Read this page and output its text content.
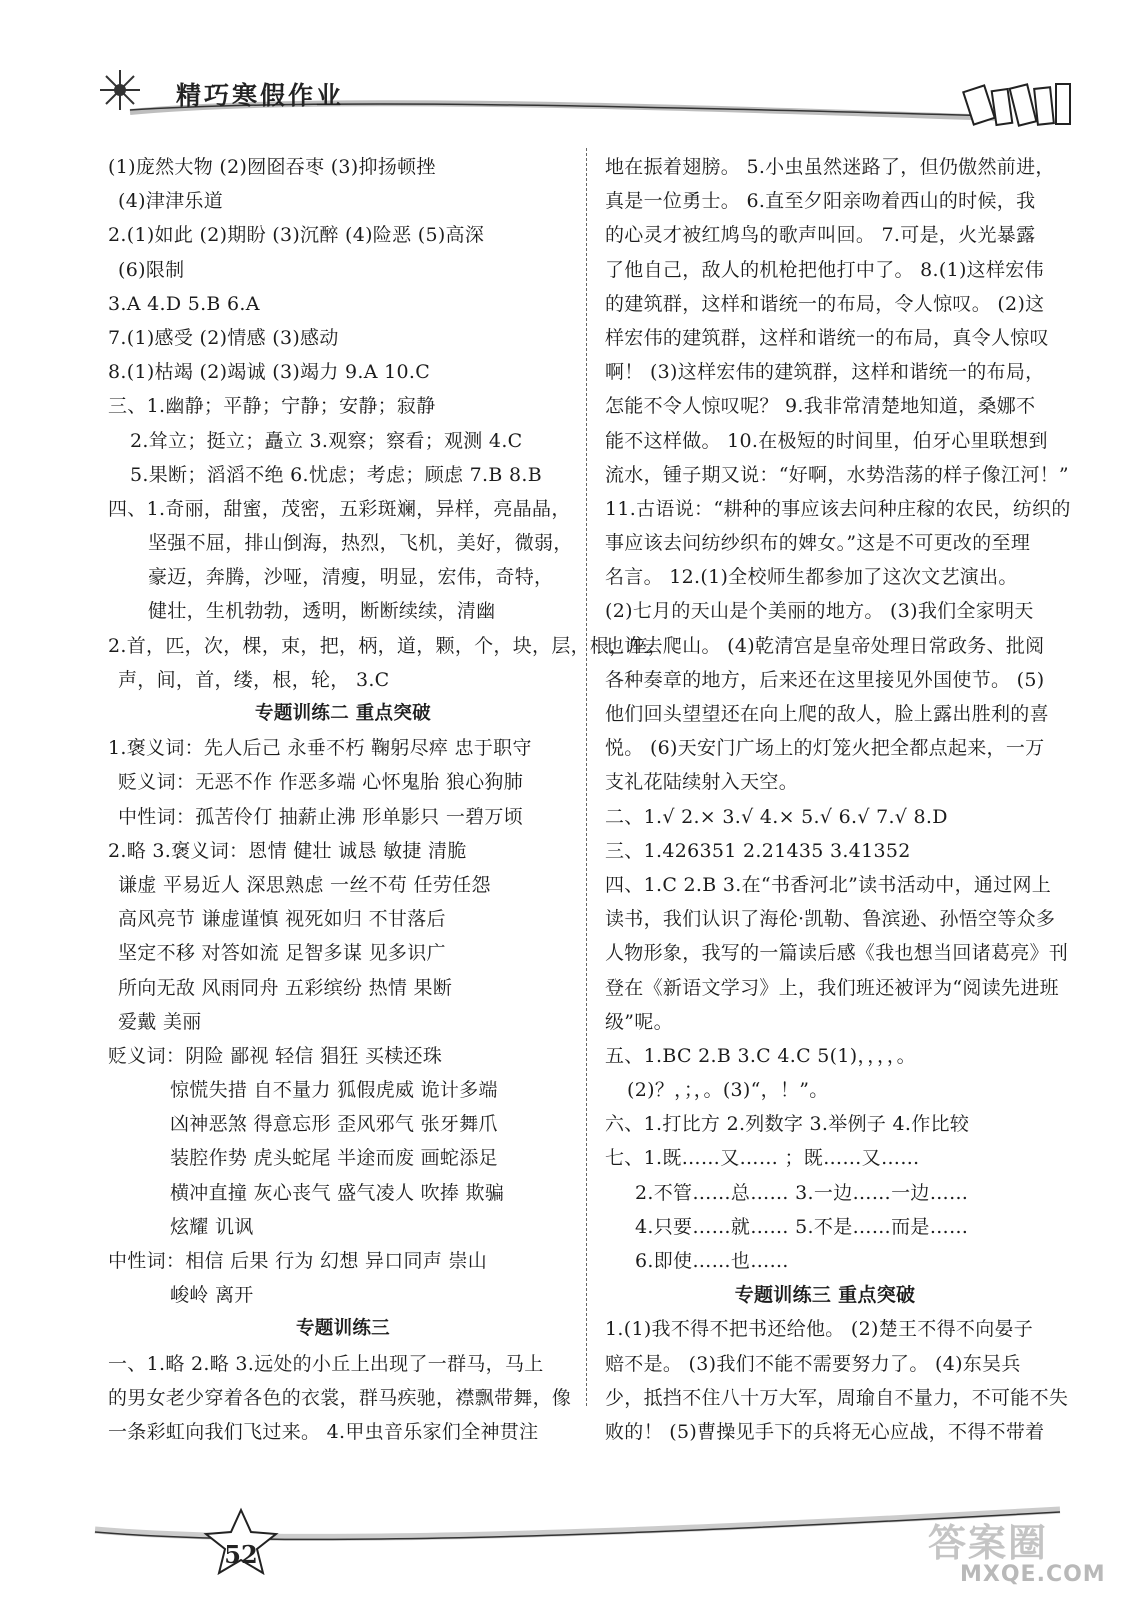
精巧寒假作业
(1)庞然大物 (2)囫囵吞枣 (3)抑扬顿挫
(4)津津乐道
2.(1)如此 (2)期盼 (3)沉醉 (4)险恶 (5)高深
(6)限制
3.A 4.D 5.B 6.A
7.(1)感受 (2)情感 (3)感动
8.(1)枯竭 (2)竭诚 (3)竭力 9.A 10.C
三、1.幽静；平静；宁静；安静；寂静
2.耸立；挺立；矗立 3.观察；察看；观测 4.C
5.果断；滔滔不绝 6.忧虑；考虑；顾虑 7.B 8.B
四、1.奇丽，甜蜜，茂密，五彩斑斓，异样，亮晶晶，
坚强不屈，排山倒海，热烈，飞机，美好，微弱，
豪迈，奔腾，沙哑，清瘦，明显，宏伟，奇特，
健壮，生机勃勃，透明，断断续续，清幽
2.首，匹，次，棵，束，把，柄，道，颗，个，块，层，根，座，
声，间，首，缕，根，轮， 3.C
专题训练二 重点突破
1.褒义词：先人后己 永垂不朽 鞠躬尽瘁 忠于职守
贬义词：无恶不作 作恶多端 心怀鬼胎 狼心狗肺
中性词：孤苦伶仃 抽薪止沸 形单影只 一碧万顷
2.略 3.褒义词：恩情 健壮 诚恳 敏捷 清脆
谦虚 平易近人 深思熟虑 一丝不苟 任劳任怨
高风亮节 谦虚谨慎 视死如归 不甘落后
坚定不移 对答如流 足智多谋 见多识广
所向无敌 风雨同舟 五彩缤纷 热情 果断
爱戴 美丽
贬义词：阴险 鄙视 轻信 猖狂 买椟还珠
惊慌失措 自不量力 狐假虎威 诡计多端
凶神恶煞 得意忘形 歪风邪气 张牙舞爪
装腔作势 虎头蛇尾 半途而废 画蛇添足
横冲直撞 灰心丧气 盛气凌人 吹捧 欺骗
炫耀 讥讽
中性词：相信 后果 行为 幻想 异口同声 崇山
峻岭 离开
专题训练三
一、1.略 2.略 3.远处的小丘上出现了一群马，马上
的男女老少穿着各色的衣裳，群马疾驰，襟飘带舞，像
一条彩虹向我们飞过来。 4.甲虫音乐家们全神贯注
地在振着翅膀。 5.小虫虽然迷路了，但仍傲然前进，
真是一位勇士。 6.直至夕阳亲吻着西山的时候，我
的心灵才被红鸠鸟的歌声叫回。 7.可是，火光暴露
了他自己，敌人的机枪把他打中了。 8.(1)这样宏伟
的建筑群，这样和谐统一的布局，令人惊叹。 (2)这
样宏伟的建筑群，这样和谐统一的布局，真令人惊叹
啊！ (3)这样宏伟的建筑群，这样和谐统一的布局，
怎能不令人惊叹呢？ 9.我非常清楚地知道，桑娜不
能不这样做。 10.在极短的时间里，伯牙心里联想到
流水，锺子期又说：“好啊，水势浩荡的样子像江河！”
11.古语说：“耕种的事应该去问种庄稼的农民，纺织的
事应该去问纺纱织布的婢女。”这是不可更改的至理
名言。 12.(1)全校师生都参加了这次文艺演出。
(2)七月的天山是个美丽的地方。 (3)我们全家明天
也许去爬山。 (4)乾清宫是皇帝处理日常政务、批阅
各种奏章的地方，后来还在这里接见外国使节。 (5)
他们回头望望还在向上爬的敌人，脸上露出胜利的喜
悦。 (6)天安门广场上的灯笼火把全都点起来，一万
支礼花陆续射入天空。
二、1.√ 2.× 3.√ 4.× 5.√ 6.√ 7.√ 8.D
三、1.426351 2.21435 3.41352
四、1.C 2.B 3.在“书香河北”读书活动中，通过网上
读书，我们认识了海伦·凯勒、鲁滨逊、孙悟空等众多
人物形象，我写的一篇读后感《我也想当回诸葛亮》刊
登在《新语文学习》上，我们班还被评为“阅读先进班
级”呢。
五、1.BC 2.B 3.C 4.C 5(1)，，，，。
(2)？，；，。(3)“，！”。
六、1.打比方 2.列数字 3.举例子 4.作比较
七、1.既……又…… ；既……又……
2.不管……总…… 3.一边……一边……
4.只要……就…… 5.不是……而是……
6.即使……也……
专题训练三 重点突破
1.(1)我不得不把书还给他。 (2)楚王不得不向晏子
赔不是。 (3)我们不能不需要努力了。 (4)东吴兵
少，抵挡不住八十万大军，周瑜自不量力，不可能不失
败的！ (5)曹操见手下的兵将无心应战，不得不带着
52	答案圈
MXQE.COM
